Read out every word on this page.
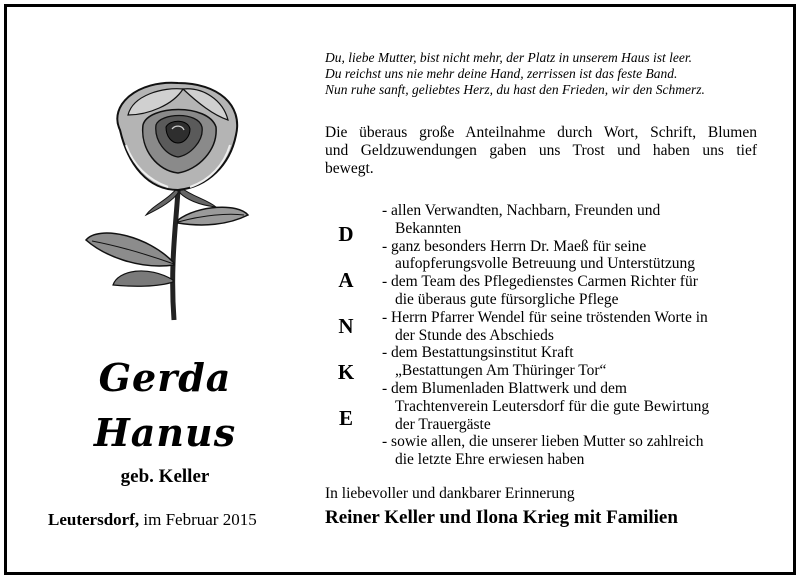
Gerda
Hanus
geb. Keller
Leutersdorf, im Februar 2015
Du, liebe Mutter, bist nicht mehr, der Platz in unserem Haus ist leer.
Du reichst uns nie mehr deine Hand, zerrissen ist das feste Band.
Nun ruhe sanft, geliebtes Herz, du hast den Frieden, wir den Schmerz.
Die überaus große Anteilnahme durch Wort, Schrift, Blumen
und Geldzuwendungen gaben uns Trost und haben uns tief
bewegt.
D
A
N
K
E
- allen Verwandten, Nachbarn, Freunden und
Bekannten
- ganz besonders Herrn Dr. Maeß für seine
aufopferungsvolle Betreuung und Unterstützung
- dem Team des Pflegedienstes Carmen Richter für
die überaus gute fürsorgliche Pflege
- Herrn Pfarrer Wendel für seine tröstenden Worte in
der Stunde des Abschieds
- dem Bestattungsinstitut Kraft
„Bestattungen Am Thüringer Tor“
- dem Blumenladen Blattwerk und dem
Trachtenverein Leutersdorf für die gute Bewirtung
der Trauergäste
- sowie allen, die unserer lieben Mutter so zahlreich
die letzte Ehre erwiesen haben
In liebevoller und dankbarer Erinnerung
Reiner Keller und Ilona Krieg mit Familien
